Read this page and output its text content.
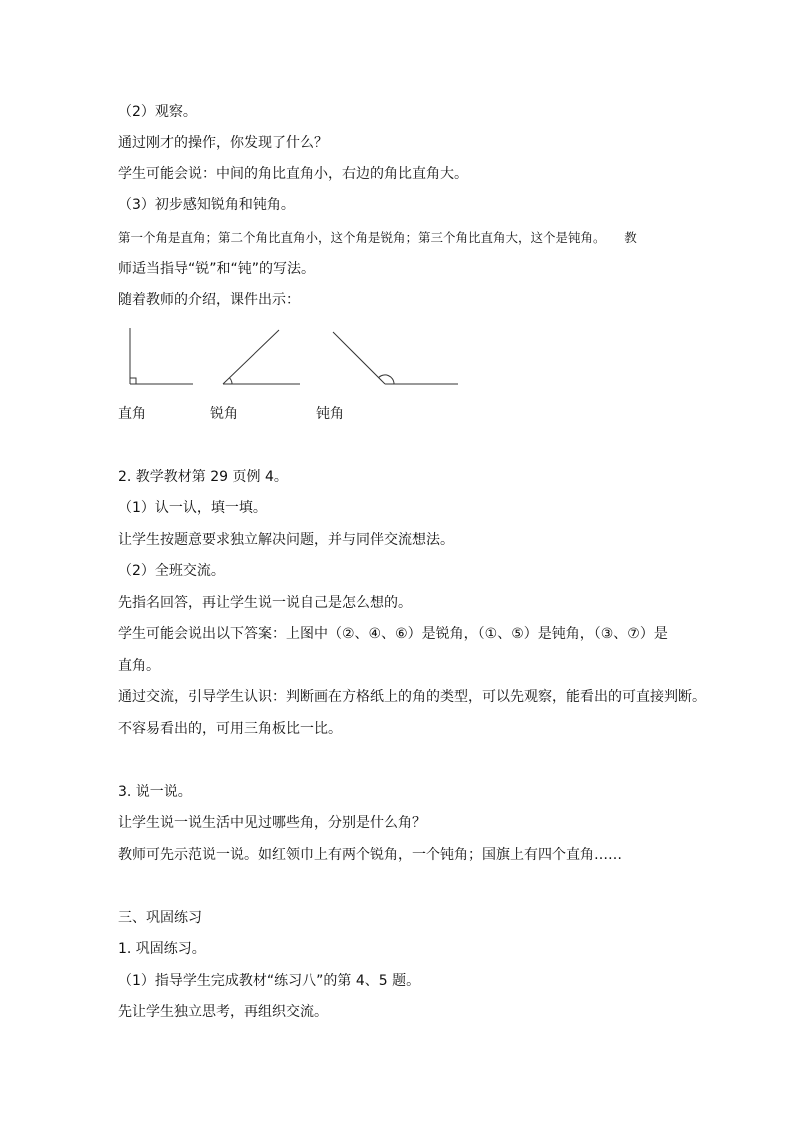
（2）观察。
通过刚才的操作，你发现了什么？
学生可能会说：中间的角比直角小，右边的角比直角大。
（3）初步感知锐角和钝角。
第一个角是直角；第二个角比直角小，这个角是锐角；第三个角比直角大，这个是钝角。　　教
师适当指导“锐”和“钝”的写法。
随着教师的介绍，课件出示：
直角	锐角	钝角
2. 教学教材第 29 页例 4。
（1）认一认，填一填。
让学生按题意要求独立解决问题，并与同伴交流想法。
（2）全班交流。
先指名回答，再让学生说一说自己是怎么想的。
学生可能会说出以下答案：上图中（②、④、⑥）是锐角，（①、⑤）是钝角，（③、⑦）是
直角。
通过交流，引导学生认识：判断画在方格纸上的角的类型，可以先观察，能看出的可直接判断。
不容易看出的，可用三角板比一比。
3. 说一说。
让学生说一说生活中见过哪些角，分别是什么角？
教师可先示范说一说。如红领巾上有两个锐角，一个钝角；国旗上有四个直角……
三、巩固练习
1. 巩固练习。
（1）指导学生完成教材“练习八”的第 4、5 题。
先让学生独立思考，再组织交流。
